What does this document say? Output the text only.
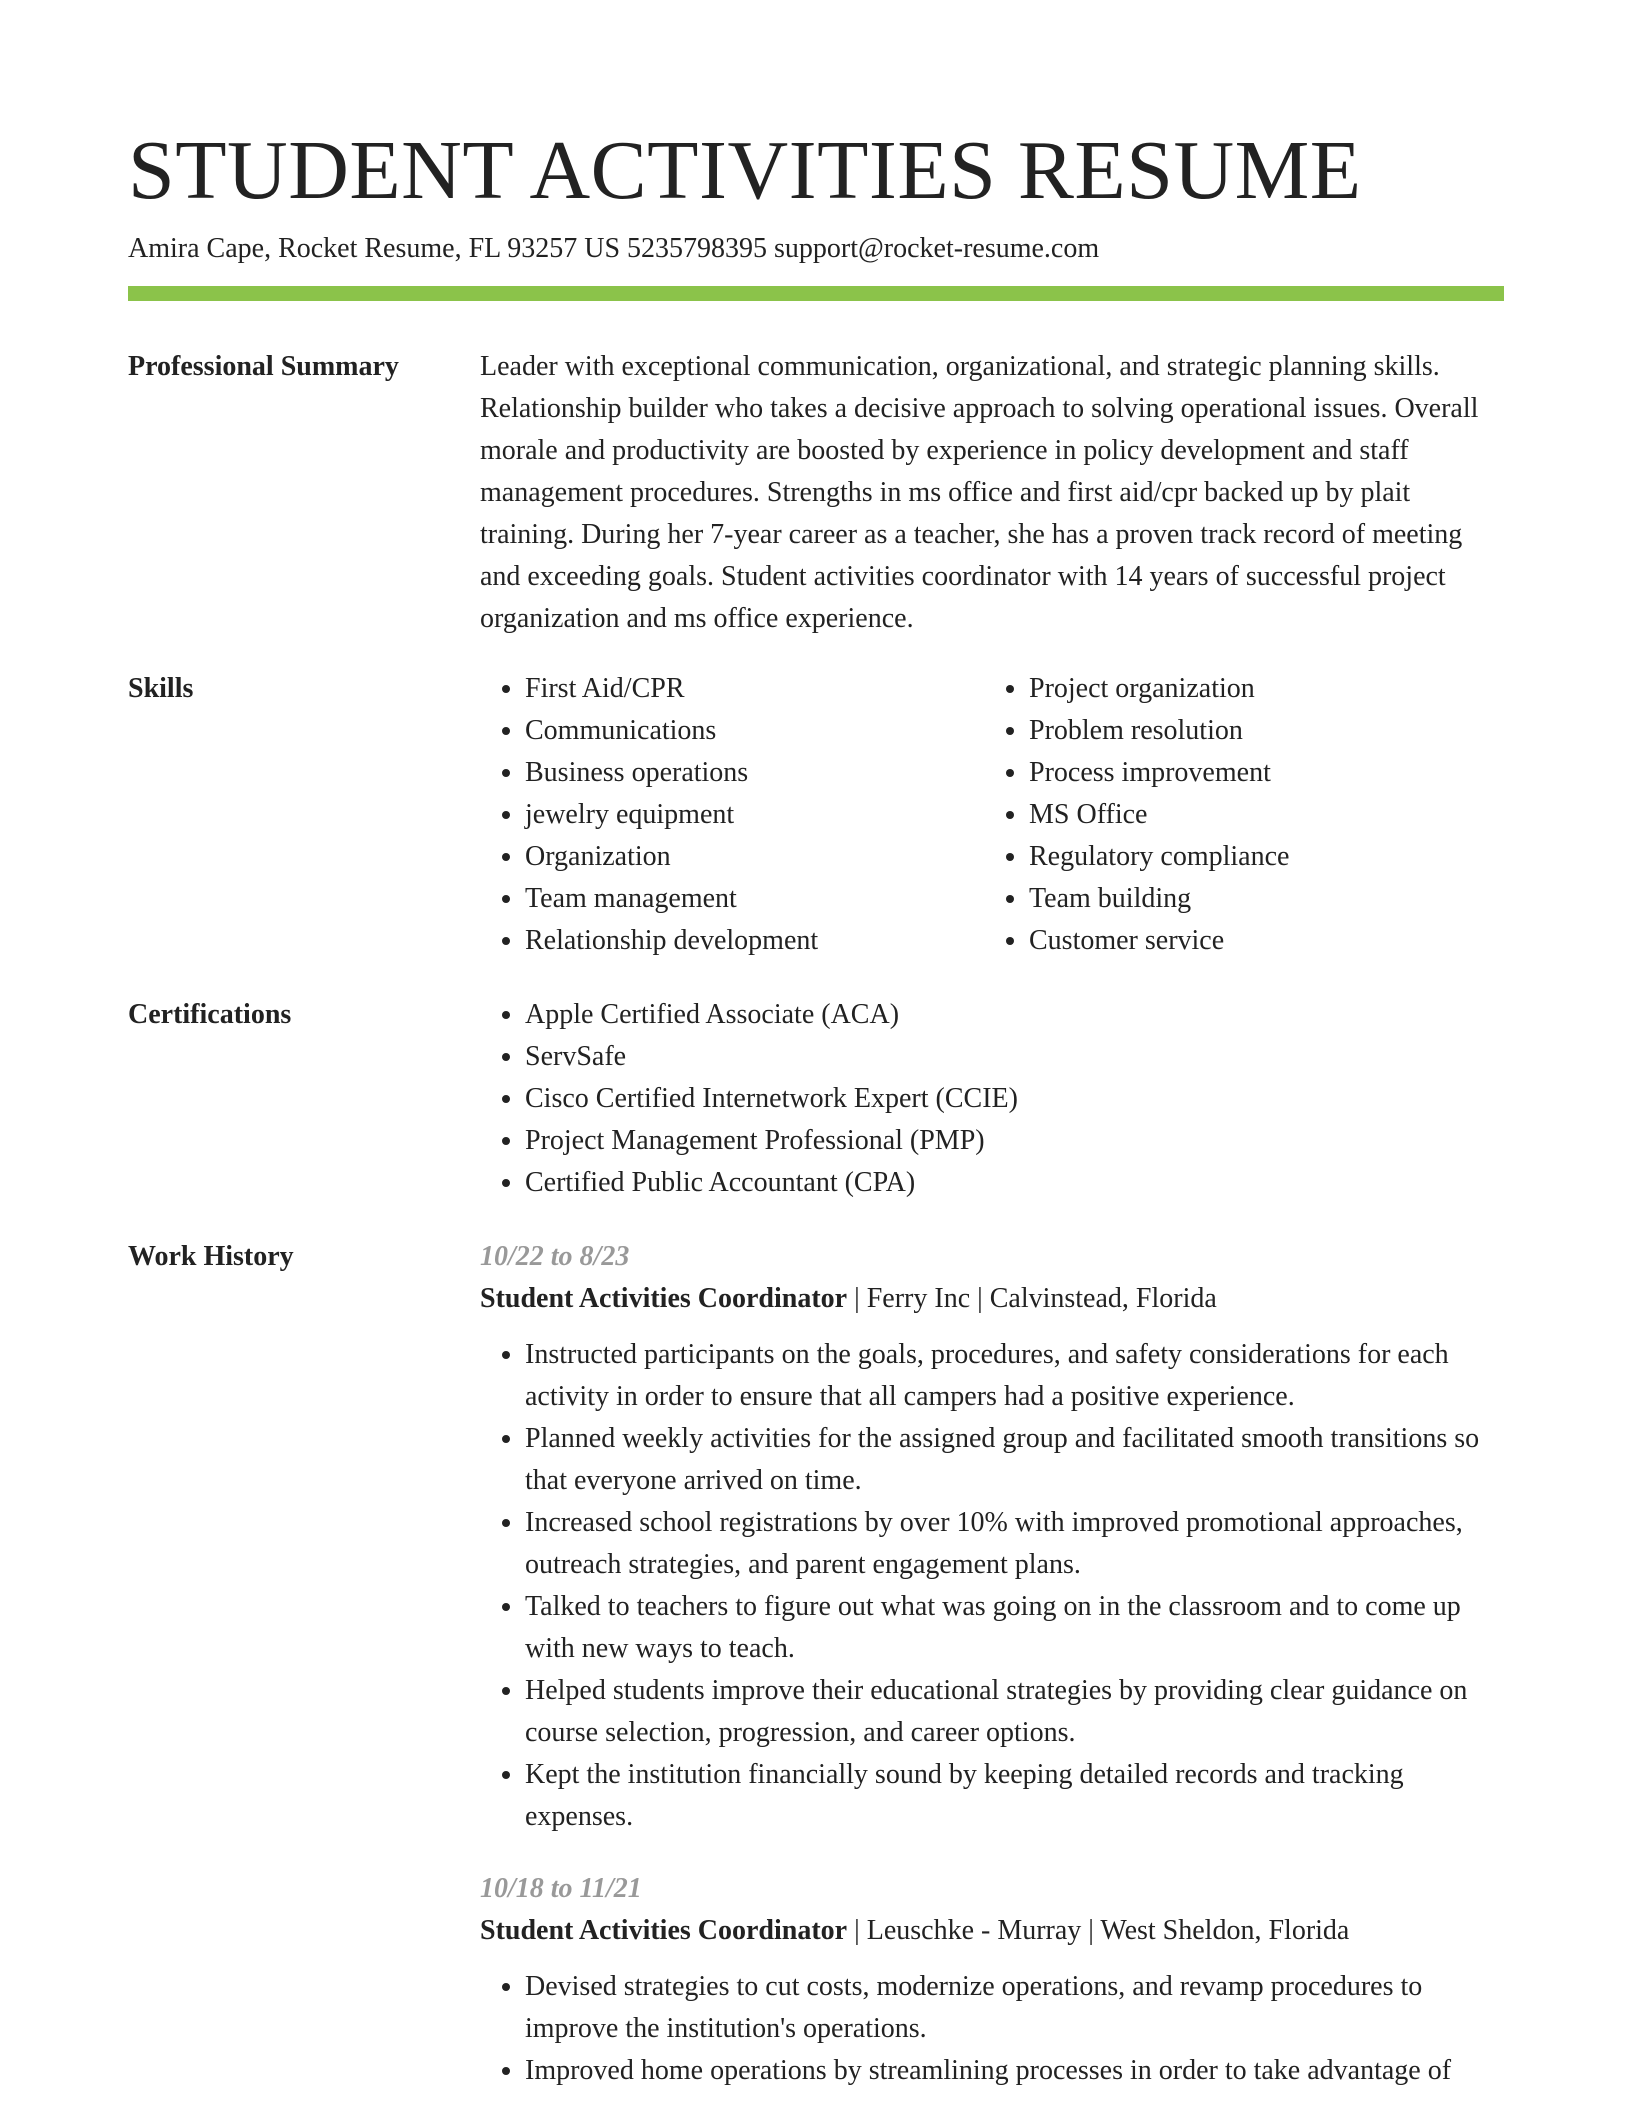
STUDENT ACTIVITIES RESUME
Amira Cape, Rocket Resume, FL 93257 US 5235798395 support@rocket-resume.com
Professional Summary	Leader with exceptional communication, organizational, and strategic planning skills. Relationship builder who takes a decisive approach to solving operational issues. Overall morale and productivity are boosted by experience in policy development and staff management procedures. Strengths in ms office and first aid/cpr backed up by plait training. During her 7-year career as a teacher, she has a proven track record of meeting and exceeding goals. Student activities coordinator with 14 years of successful project organization and ms office experience.

Skills	• First Aid/CPR
• Communications
• Business operations
• jewelry equipment
• Organization
• Team management
• Relationship development
• Project organization
• Problem resolution
• Process improvement
• MS Office
• Regulatory compliance
• Team building
• Customer service
Certifications	• Apple Certified Associate (ACA)
• ServSafe
• Cisco Certified Internetwork Expert (CCIE)
• Project Management Professional (PMP)
• Certified Public Accountant (CPA)
Work History	10/22 to 8/23
Student Activities Coordinator | Ferry Inc | Calvinstead, Florida
• Instructed participants on the goals, procedures, and safety considerations for each activity in order to ensure that all campers had a positive experience.
• Planned weekly activities for the assigned group and facilitated smooth transitions so that everyone arrived on time.
• Increased school registrations by over 10% with improved promotional approaches, outreach strategies, and parent engagement plans.
• Talked to teachers to figure out what was going on in the classroom and to come up with new ways to teach.
• Helped students improve their educational strategies by providing clear guidance on course selection, progression, and career options.
• Kept the institution financially sound by keeping detailed records and tracking expenses.
10/18 to 11/21
Student Activities Coordinator | Leuschke - Murray | West Sheldon, Florida
• Devised strategies to cut costs, modernize operations, and revamp procedures to improve the institution's operations.
• Improved home operations by streamlining processes in order to take advantage of
